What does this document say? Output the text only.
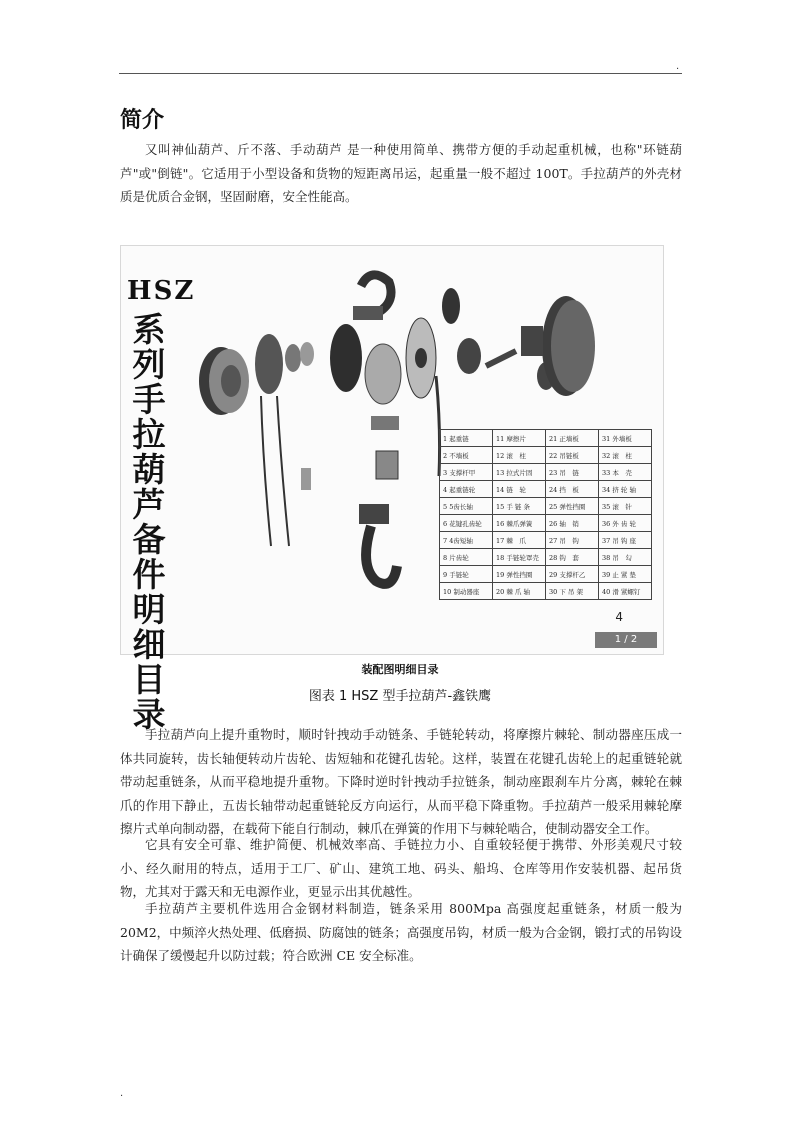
.
简介
又叫神仙葫芦、斤不落、手动葫芦 是一种使用简单、携带方便的手动起重机械，也称"环链葫芦"或"倒链"。它适用于小型设备和货物的短距离吊运，起重量一般不超过 100T。手拉葫芦的外壳材质是优质合金钢，坚固耐磨，安全性能高。
HSZ
系
列
手
拉
葫
芦
备
件
明
细
目
录
1 起重链	11 摩擦片	21 正墙板	31 外墙板
2 不墙板	12 滚　柱	22 吊链板	32 滚　柱
3 支撑杆甲	13 拉式片固	23 吊　链	33 本　壳
4 起重链轮	14 链　轮	24 挡　板	34 挤 轮 轴
5 5齿长轴	15 手 链 条	25 弹性挡圈	35 滚　针
6 花键孔齿轮	16 棘爪弹簧	26 轴　销	36 外 齿 轮
7 4齿短轴	17 棘　爪	27 吊　钩	37 吊 钩 座
8 片齿轮	18 手链轮罩壳	28 钩　套	38 吊　勾
9 手链轮	19 弹性挡圈	29 支撑杆乙	39 止 紧 垫
10 制动器座	20 棘 爪 轴	30 下 吊 架	40 滑 紧螺钉
4
1 / 2
装配图明细目录
图表 1 HSZ 型手拉葫芦-鑫铁鹰
手拉葫芦向上提升重物时，顺时针拽动手动链条、手链轮转动，将摩擦片棘轮、制动器座压成一体共同旋转，齿长轴便转动片齿轮、齿短轴和花键孔齿轮。这样，装置在花键孔齿轮上的起重链轮就带动起重链条，从而平稳地提升重物。下降时逆时针拽动手拉链条，制动座跟刹车片分离，棘轮在棘爪的作用下静止，五齿长轴带动起重链轮反方向运行，从而平稳下降重物。手拉葫芦一般采用棘轮摩擦片式单向制动器，在载荷下能自行制动，棘爪在弹簧的作用下与棘轮啮合，使制动器安全工作。
它具有安全可靠、维护简便、机械效率高、手链拉力小、自重较轻便于携带、外形美观尺寸较小、经久耐用的特点，适用于工厂、矿山、建筑工地、码头、船坞、仓库等用作安装机器、起吊货物，尤其对于露天和无电源作业，更显示出其优越性。
手拉葫芦主要机件选用合金钢材料制造，链条采用 800Mpa 高强度起重链条，材质一般为 20M2，中频淬火热处理、低磨损、防腐蚀的链条；高强度吊钩，材质一般为合金钢，锻打式的吊钩设计确保了缓慢起升以防过载；符合欧洲 CE 安全标准。
.
